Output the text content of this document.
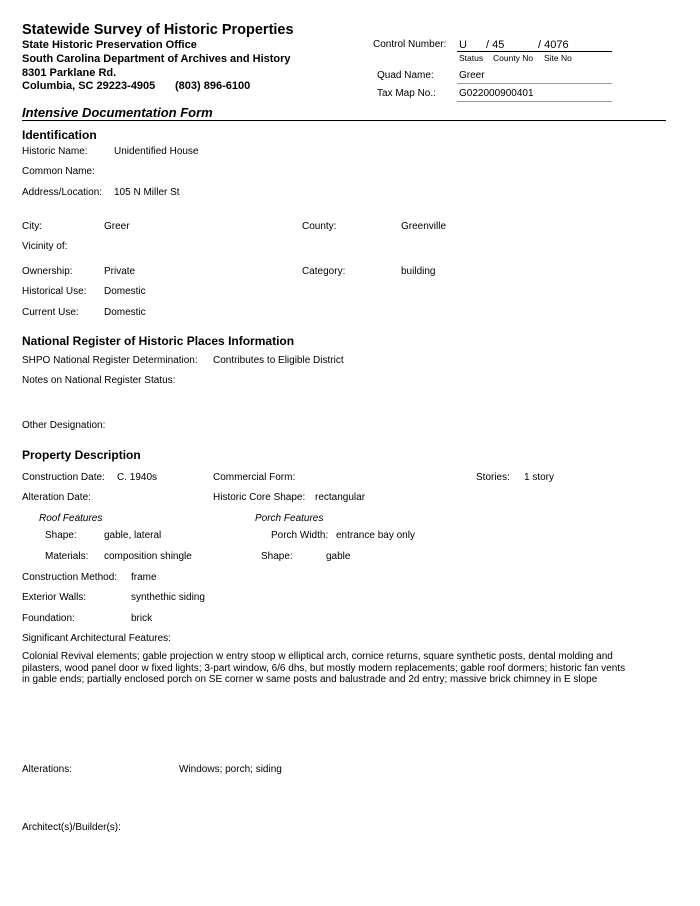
Statewide Survey of Historic Properties
State Historic Preservation Office
South Carolina Department of Archives and History
8301 Parklane Rd.
Columbia, SC 29223-4905 (803) 896-6100
Control Number: U / 45	/ 4076
Status County No Site No
Quad Name:	Greer
Tax Map No.: G022000900401
Intensive Documentation Form
Identification
Historic Name:	Unidentified House
Common Name:
Address/Location: 105 N Miller St
City:	Greer	County:	Greenville
Vicinity of:
Ownership:	Private	Category:	building
Historical Use: Domestic
Current Use:	Domestic
National Register of Historic Places Information
SHPO National Register Determination: Contributes to Eligible District
Notes on National Register Status:
Other Designation:
Property Description
Construction Date: C. 1940s	Commercial Form:	Stories: 1 story
Alteration Date:	Historic Core Shape: rectangular
Roof Features	Porch Features
Shape:	gable, lateral	Porch Width: entrance bay only
Materials: composition shingle	Shape:	gable
Construction Method: frame
Exterior Walls:	synthethic siding
Foundation:	brick
Significant Architectural Features:
Colonial Revival elements; gable projection w entry stoop w elliptical arch, cornice returns, square synthetic posts, dental molding and pilasters, wood panel door w fixed lights; 3-part window, 6/6 dhs, but mostly modern replacements; gable roof dormers; historic fan vents in gable ends; partially enclosed porch on SE corner w same posts and balustrade and 2d entry; massive brick chimney in E slope
Alterations:	Windows; porch; siding
Architect(s)/Builder(s):
